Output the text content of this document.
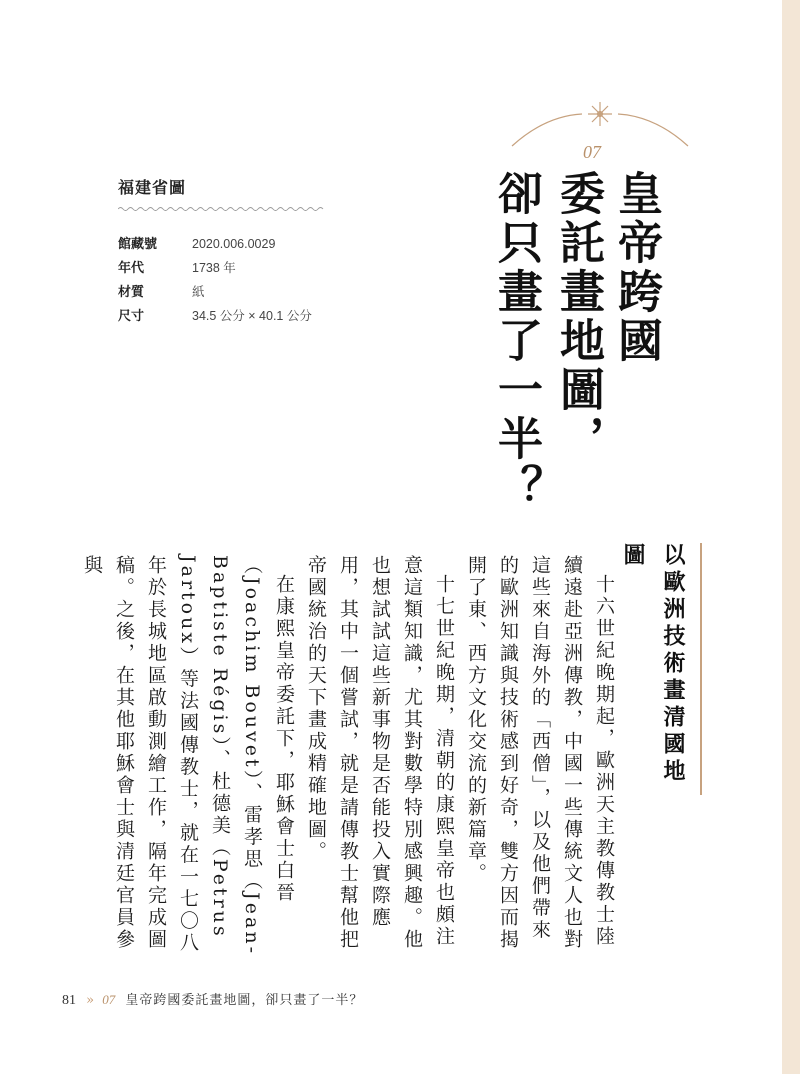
07
皇帝跨國
委託畫地圖，
卻只畫了一半？
福建省圖
館藏號	2020.006.0029
年代	1738 年
材質	紙
尺寸	34.5 公分 × 40.1 公分
以歐洲技術畫清國地圖

十六世紀晚期起，歐洲天主教傳教士陸續遠赴亞洲傳教，中國一些傳統文人也對這些來自海外的「西僧」，以及他們帶來的歐洲知識與技術感到好奇，雙方因而揭開了東、西方文化交流的新篇章。

十七世紀晚期，清朝的康熙皇帝也頗注意這類知識，尤其對數學特別感興趣。他也想試試這些新事物是否能投入實際應用，其中一個嘗試，就是請傳教士幫他把帝國統治的天下畫成精確地圖。

在康熙皇帝委託下，耶穌會士白晉（Joachim Bouvet）、雷孝思（Jean-Baptiste Régis）、杜德美（Petrus Jartoux）等法國傳教士，就在一七〇八年於長城地區啟動測繪工作，隔年完成圖稿。之後，在其他耶穌會士與清廷官員參與

81 » 07 皇帝跨國委託畫地圖，卻只畫了一半？
